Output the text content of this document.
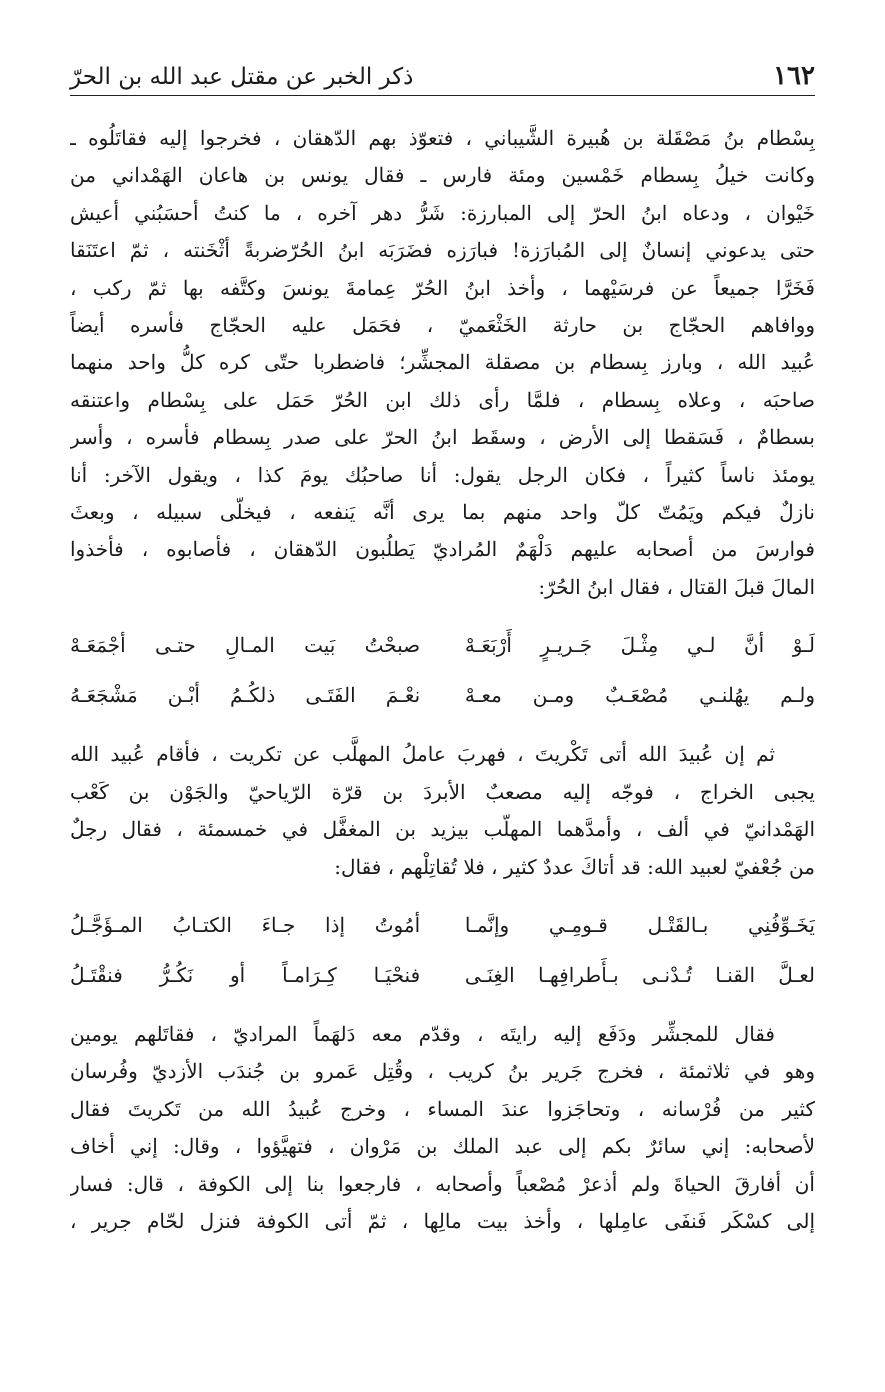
١٦٢
ذكر الخبر عن مقتل عبد الله بن الحرّ

بِسْطام بنُ مَصْقَلة بن هُبيرة الشَّيباني ، فتعوّذ بهم الدّهقان ، فخرجوا إليه فقاتَلُوه ـ
وكانت خيلُ بِسطام خَمْسين ومئة فارس ـ فقال يونس بن هاعان الهَمْداني من
خَيْوان ، ودعاه ابنُ الحرّ إلى المبارزة: شَرُّ دهر آخره ، ما كنتُ أحسَبُني أعيش
حتى يدعوني إنسانٌ إلى المُبارَزة! فبارَزه فضَرَبَه ابنُ الحُرّضربةً أثْخَنته ، ثمّ اعتَنَقا
فَخَرَّا جميعاً عن فرسَيْهما ، وأخذ ابنُ الحُرّ عِمامةَ يونسَ وكتَّفه بها ثمّ ركب ،
ووافاهم الحجّاج بن حارثة الخَثْعَميّ ، فحَمَل عليه الحجّاج فأسره أيضاً
عُبيد الله ، وبارز بِسطام بن مصقلة المجشِّر؛ فاضطربا حتّى كره كلُّ واحد منهما
صاحبَه ، وعلاه بِسطام ، فلمَّا رأى ذلك ابن الحُرّ حَمَل على بِسْطام واعتنقه
بسطامٌ ، فَسَقطا إلى الأرض ، وسقَط ابنُ الحرّ على صدر بِسطام فأسره ، وأسر
يومئذ ناساً كثيراً ، فكان الرجل يقول: أنا صاحبُك يومَ كذا ، ويقول الآخر: أنا
نازلٌ فيكم ويَمُتّ كلّ واحد منهم بما يرى أنَّه يَنفعه ، فيخلّى سبيله ، وبعثَ
فوارسَ من أصحابه عليهم دَلْهَمٌ المُراديّ يَطلُبون الدّهقان ، فأصابوه ، فأخذوا
المالَ قبلَ القتال ، فقال ابنُ الحُرّ:

لَـوْ أنَّ لـي مِثْـلَ جَـريـرٍ أَرْبَعَـهْ
صبحْتُ بَيت المـالِ حتـى أجْمَعَـهْ
ولـم يهُلنـي مُصْعَـبٌ ومـن معـهْ
نعْـمَ الفَتَـى ذلكُـمُ أبْـن مَشْجَعَـهُ

ثم إن عُبيدَ الله أتى تَكْريتَ ، فهربَ عاملُ المهلَّب عن تكريت ، فأقام عُبيد الله
يجبى الخراج ، فوجّه إليه مصعبٌ الأبردَ بن قرّة الرّياحيّ والجَوْن بن كَعْب
الهَمْدانيّ في ألف ، وأمدَّهما المهلّب بيزيد بن المغفَّل في خمسمئة ، فقال رجلٌ
من جُعْفيّ لعبيد الله: قد أتاكَ عددٌ كثير ، فلا تُقاتِلْهم ، فقال:

يَخَـوِّفُنِي بـالقَتْـل قـومِـي وإنَّمـا
أمُوتُ إذا جـاءَ الكتـابُ المـؤَجَّـلُ
لعـلَّ القنـا تُـدْنـى بـأَطرافِهـا الغِنَـى
فنحْيَـا كِـرَامـاً أو نَكُـرُّ فنقْتَـلُ

فقال للمجشِّر ودَفَع إليه رايتَه ، وقدّم معه دَلهَماً المراديّ ، فقاتَلهم يومين
وهو في ثلاثمئة ، فخرج جَرير بنُ كريب ، وقُتِل عَمرو بن جُندَب الأزديّ وفُرسان
كثير من فُرْسانه ، وتحاجَزوا عندَ المساء ، وخرج عُبيدُ الله من تَكريتَ فقال
لأصحابه: إني سائرٌ بكم إلى عبد الملك بن مَرْوان ، فتهيَّؤوا ، وقال: إني أخاف
أن أفارقَ الحياةَ ولم أذعرْ مُصْعباً وأصحابه ، فارجعوا بنا إلى الكوفة ، قال: فسار
إلى كسْكَر فَنفَى عامِلها ، وأخذ بيت مالِها ، ثمّ أتى الكوفة فنزل لحّام جرير ،
